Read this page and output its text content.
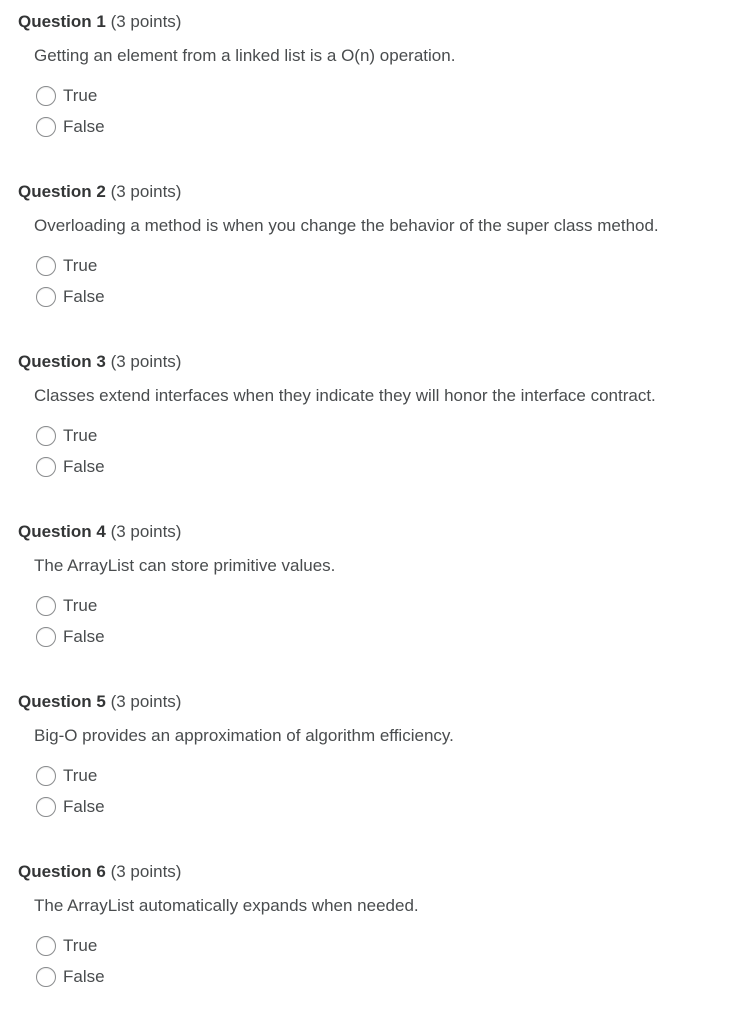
Question 1 (3 points)
Getting an element from a linked list is a O(n) operation.
True
False
Question 2 (3 points)
Overloading a method is when you change the behavior of the super class method.
True
False
Question 3 (3 points)
Classes extend interfaces when they indicate they will honor the interface contract.
True
False
Question 4 (3 points)
The ArrayList can store primitive values.
True
False
Question 5 (3 points)
Big-O provides an approximation of algorithm efficiency.
True
False
Question 6 (3 points)
The ArrayList automatically expands when needed.
True
False
